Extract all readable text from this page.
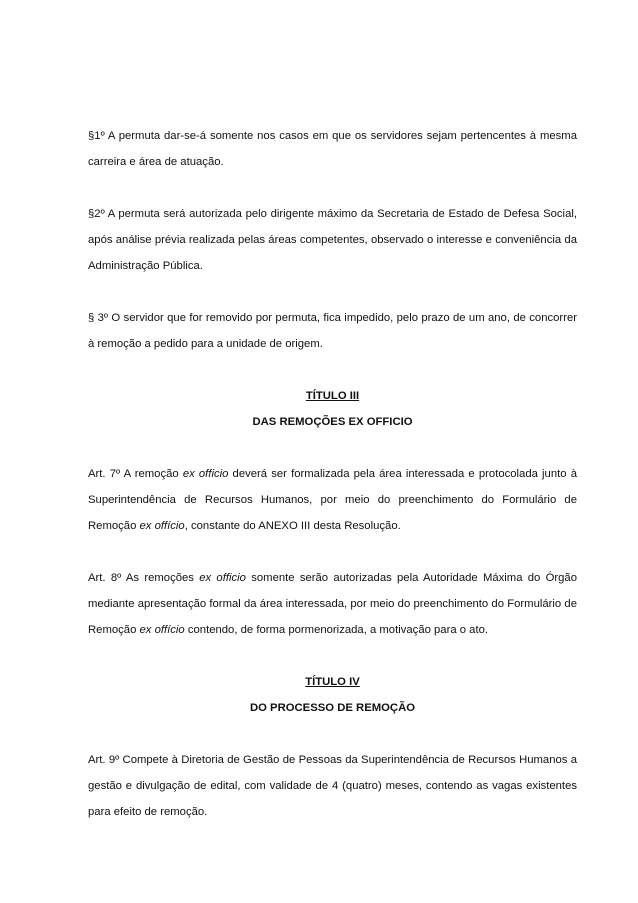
§1º A permuta dar-se-á somente nos casos em que os servidores sejam pertencentes à mesma carreira e área de atuação.

§2º A permuta será autorizada pelo dirigente máximo da Secretaria de Estado de Defesa Social, após análise prévia realizada pelas áreas competentes, observado o interesse e conveniência da Administração Pública.

§ 3º O servidor que for removido por permuta, fica impedido, pelo prazo de um ano, de concorrer à remoção a pedido para a unidade de origem.

TÍTULO III

DAS REMOÇÕES EX OFFICIO

Art. 7º A remoção ex officio deverá ser formalizada pela área interessada e protocolada junto à Superintendência de Recursos Humanos, por meio do preenchimento do Formulário de Remoção ex offício, constante do ANEXO III desta Resolução.

Art. 8º As remoções ex officio somente serão autorizadas pela Autoridade Máxima do Órgão mediante apresentação formal da área interessada, por meio do preenchimento do Formulário de Remoção ex offício contendo, de forma pormenorizada, a motivação para o ato.

TÍTULO IV

DO PROCESSO DE REMOÇÃO

Art. 9º Compete à Diretoria de Gestão de Pessoas da Superintendência de Recursos Humanos a gestão e divulgação de edital, com validade de 4 (quatro) meses, contendo as vagas existentes para efeito de remoção.
